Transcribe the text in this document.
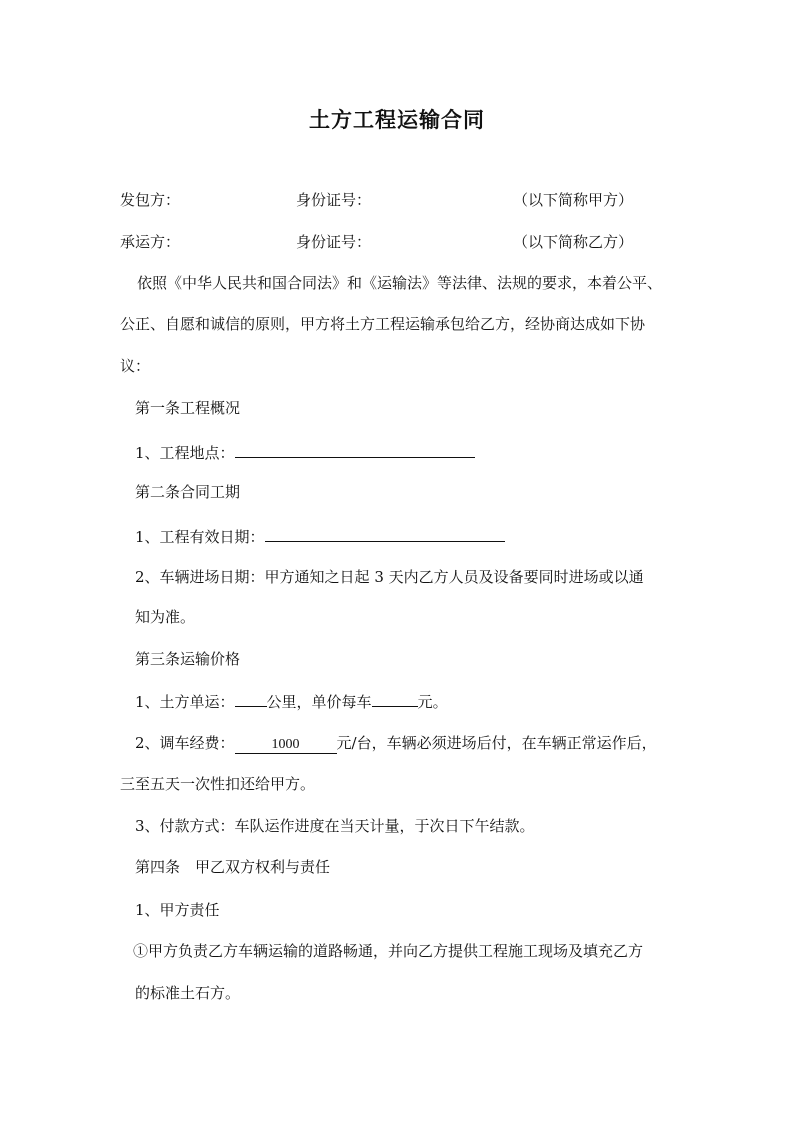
土方工程运输合同
发包方：	身份证号：	（以下简称甲方）
承运方：	身份证号：	（以下简称乙方）
依照《中华人民共和国合同法》和《运输法》等法律、法规的要求，本着公平、
公正、自愿和诚信的原则，甲方将土方工程运输承包给乙方，经协商达成如下协
议：
第一条工程概况
1、工程地点：
第二条合同工期
1、工程有效日期：
2、车辆进场日期：甲方通知之日起 3 天内乙方人员及设备要同时进场或以通
知为准。
第三条运输价格
1、土方单运： 公里，单价每车	元。
2、调车经费：	1000 元/台，车辆必须进场后付，在车辆正常运作后，
三至五天一次性扣还给甲方。
3、付款方式：车队运作进度在当天计量，于次日下午结款。
第四条　甲乙双方权利与责任
1、甲方责任
①甲方负责乙方车辆运输的道路畅通，并向乙方提供工程施工现场及填充乙方
的标准土石方。
